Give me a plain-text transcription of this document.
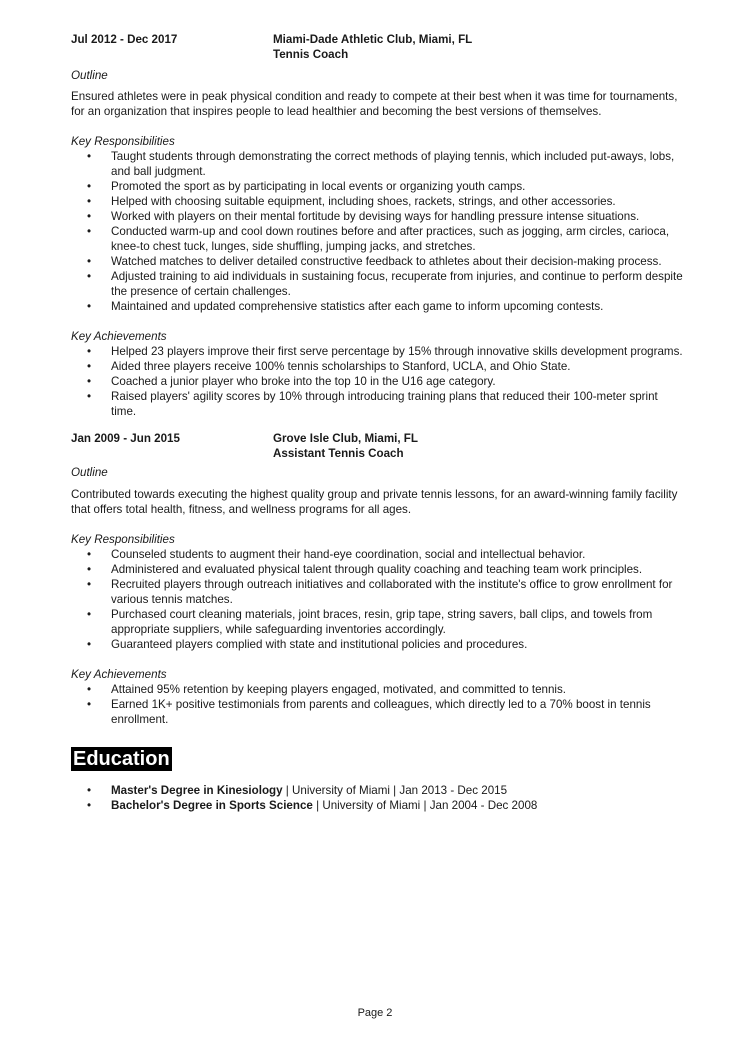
Jul 2012 - Dec 2017	Miami-Dade Athletic Club, Miami, FL
Tennis Coach
Outline
Ensured athletes were in peak physical condition and ready to compete at their best when it was time for tournaments, for an organization that inspires people to lead healthier and becoming the best versions of themselves.
Key Responsibilities
• Taught students through demonstrating the correct methods of playing tennis, which included put-aways, lobs, and ball judgment.
• Promoted the sport as by participating in local events or organizing youth camps.
• Helped with choosing suitable equipment, including shoes, rackets, strings, and other accessories.
• Worked with players on their mental fortitude by devising ways for handling pressure intense situations.
• Conducted warm-up and cool down routines before and after practices, such as jogging, arm circles, carioca, knee-to chest tuck, lunges, side shuffling, jumping jacks, and stretches.
• Watched matches to deliver detailed constructive feedback to athletes about their decision-making process.
• Adjusted training to aid individuals in sustaining focus, recuperate from injuries, and continue to perform despite the presence of certain challenges.
• Maintained and updated comprehensive statistics after each game to inform upcoming contests.
Key Achievements
• Helped 23 players improve their first serve percentage by 15% through innovative skills development programs.
• Aided three players receive 100% tennis scholarships to Stanford, UCLA, and Ohio State.
• Coached a junior player who broke into the top 10 in the U16 age category.
• Raised players' agility scores by 10% through introducing training plans that reduced their 100-meter sprint time.
Jan 2009 - Jun 2015	Grove Isle Club, Miami, FL
Assistant Tennis Coach
Outline
Contributed towards executing the highest quality group and private tennis lessons, for an award-winning family facility that offers total health, fitness, and wellness programs for all ages.
Key Responsibilities
• Counseled students to augment their hand-eye coordination, social and intellectual behavior.
• Administered and evaluated physical talent through quality coaching and teaching team work principles.
• Recruited players through outreach initiatives and collaborated with the institute's office to grow enrollment for various tennis matches.
• Purchased court cleaning materials, joint braces, resin, grip tape, string savers, ball clips, and towels from appropriate suppliers, while safeguarding inventories accordingly.
• Guaranteed players complied with state and institutional policies and procedures.
Key Achievements
• Attained 95% retention by keeping players engaged, motivated, and committed to tennis.
• Earned 1K+ positive testimonials from parents and colleagues, which directly led to a 70% boost in tennis enrollment.
Education
• Master's Degree in Kinesiology | University of Miami | Jan 2013 - Dec 2015
• Bachelor's Degree in Sports Science | University of Miami | Jan 2004 - Dec 2008
Page 2
